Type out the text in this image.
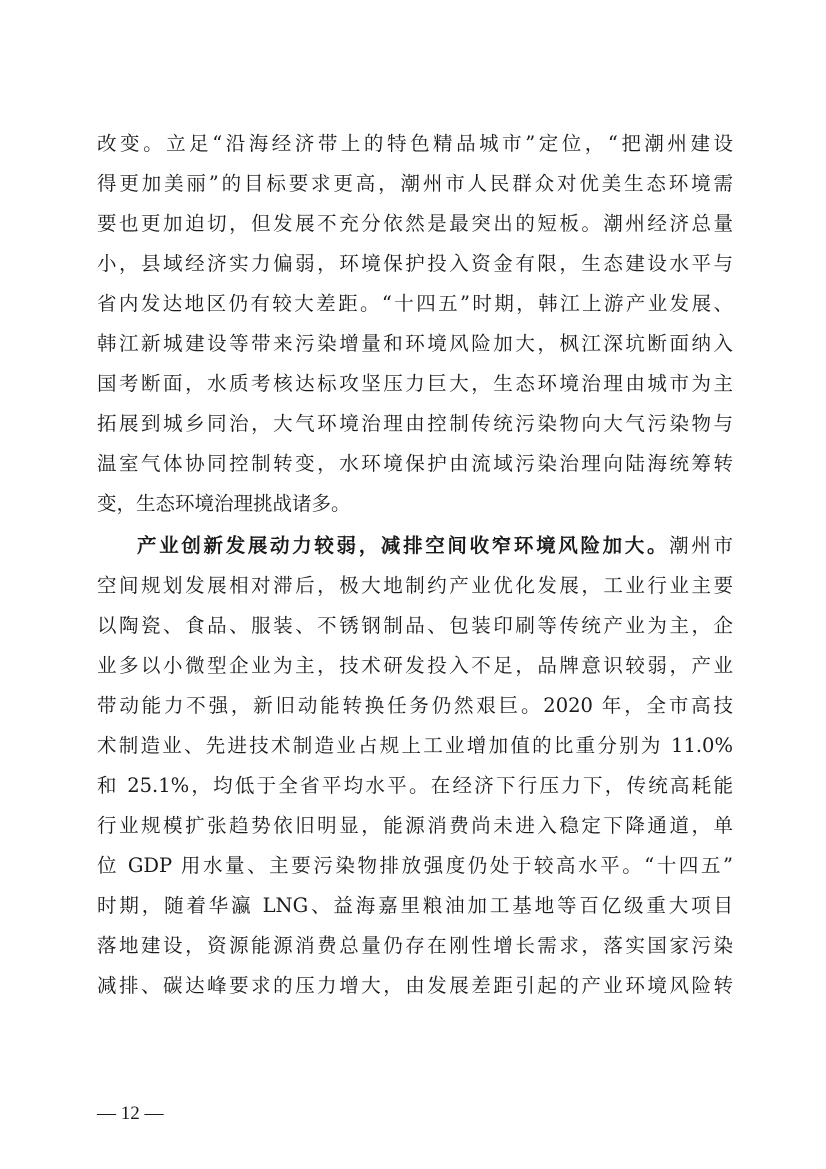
改变。立足“沿海经济带上的特色精品城市”定位，“把潮州建设
得更加美丽”的目标要求更高，潮州市人民群众对优美生态环境需
要也更加迫切，但发展不充分依然是最突出的短板。潮州经济总量
小，县域经济实力偏弱，环境保护投入资金有限，生态建设水平与
省内发达地区仍有较大差距。“十四五”时期，韩江上游产业发展、
韩江新城建设等带来污染增量和环境风险加大，枫江深坑断面纳入
国考断面，水质考核达标攻坚压力巨大，生态环境治理由城市为主
拓展到城乡同治，大气环境治理由控制传统污染物向大气污染物与
温室气体协同控制转变，水环境保护由流域污染治理向陆海统筹转
变，生态环境治理挑战诸多。
产业创新发展动力较弱，减排空间收窄环境风险加大。潮州市
空间规划发展相对滞后，极大地制约产业优化发展，工业行业主要
以陶瓷、食品、服装、不锈钢制品、包装印刷等传统产业为主，企
业多以小微型企业为主，技术研发投入不足，品牌意识较弱，产业
带动能力不强，新旧动能转换任务仍然艰巨。2020 年，全市高技
术制造业、先进技术制造业占规上工业增加值的比重分别为 11.0%
和 25.1%，均低于全省平均水平。在经济下行压力下，传统高耗能
行业规模扩张趋势依旧明显，能源消费尚未进入稳定下降通道，单
位 GDP 用水量、主要污染物排放强度仍处于较高水平。“十四五”
时期，随着华瀛 LNG、益海嘉里粮油加工基地等百亿级重大项目
落地建设，资源能源消费总量仍存在刚性增长需求，落实国家污染
减排、碳达峰要求的压力增大，由发展差距引起的产业环境风险转
— 12 —
